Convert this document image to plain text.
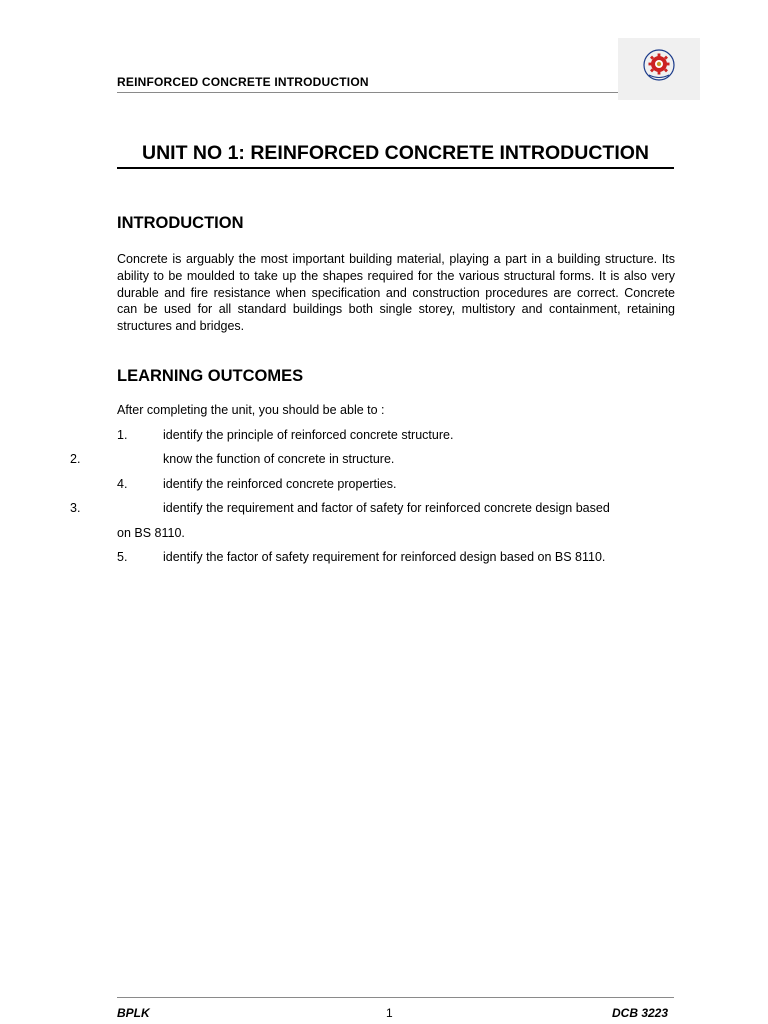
REINFORCED CONCRETE INTRODUCTION
UNIT NO 1: REINFORCED CONCRETE INTRODUCTION
INTRODUCTION
Concrete is arguably the most important building material, playing a part in a building structure. Its ability to be moulded to take up the shapes required for the various structural forms. It is also very durable and fire resistance when specification and construction procedures are correct. Concrete can be used for all standard buildings both single storey, multistory and containment, retaining structures and bridges.
LEARNING OUTCOMES
After completing the unit, you should be able to :
1.	identify the principle of reinforced concrete structure.
2.	know the function of concrete in structure.
4.	identify the reinforced concrete properties.
3.	identify the requirement and factor of safety for reinforced concrete design based
on BS 8110.
5.	identify the factor of safety requirement for reinforced design based on BS 8110.
BPLK	1	DCB 3223
